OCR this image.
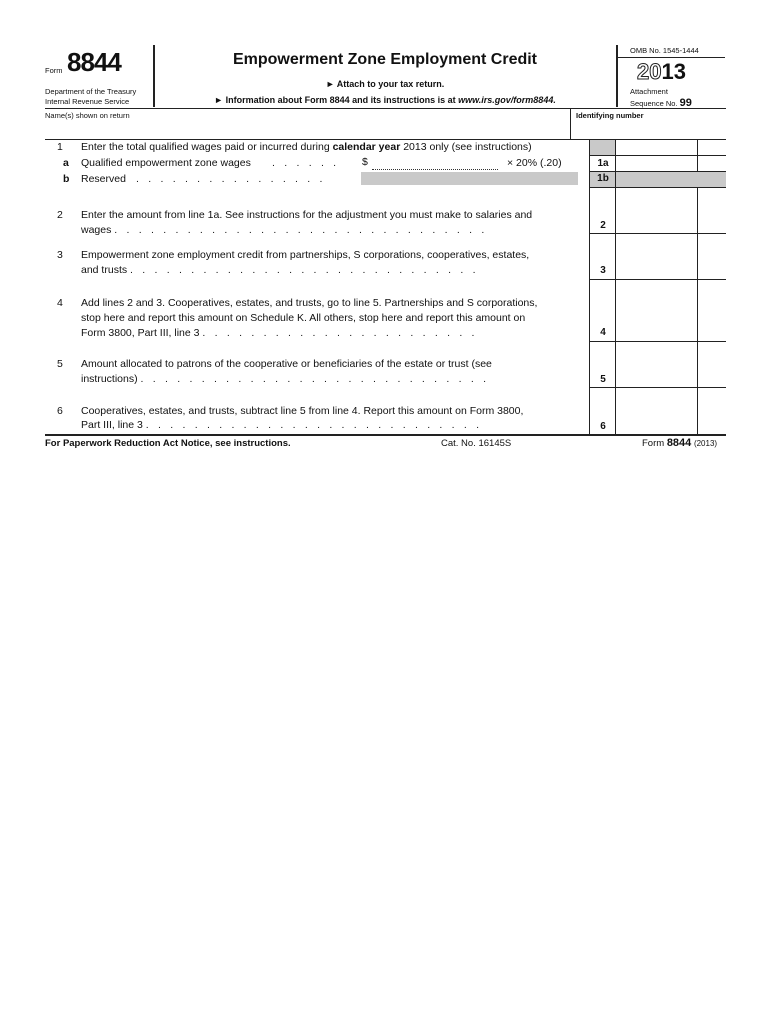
Form 8844
Department of the Treasury
Internal Revenue Service
Empowerment Zone Employment Credit
► Attach to your tax return.
► Information about Form 8844 and its instructions is at www.irs.gov/form8844.
OMB No. 1545-1444
2013
Attachment
Sequence No. 99
Name(s) shown on return	Identifying number
1 Enter the total qualified wages paid or incurred during calendar year 2013 only (see instructions)
a Qualified empowerment zone wages . . . . . . $	× 20% (.20)	1a
b Reserved . . . . . . . . . . . . . . . .	1b
2 Enter the amount from line 1a. See instructions for the adjustment you must make to salaries and
wages . . . . . . . . . . . . . . . . . . . . . . . . . . . . . . .	2
3 Empowerment zone employment credit from partnerships, S corporations, cooperatives, estates,
and trusts . . . . . . . . . . . . . . . . . . . . . . . . . . . . .	3
4 Add lines 2 and 3. Cooperatives, estates, and trusts, go to line 5. Partnerships and S corporations,
stop here and report this amount on Schedule K. All others, stop here and report this amount on
Form 3800, Part III, line 3 . . . . . . . . . . . . . . . . . . . . . . .	4
5 Amount allocated to patrons of the cooperative or beneficiaries of the estate or trust (see
instructions) . . . . . . . . . . . . . . . . . . . . . . . . . . . . .	5
6 Cooperatives, estates, and trusts, subtract line 5 from line 4. Report this amount on Form 3800,
Part III, line 3 . . . . . . . . . . . . . . . . . . . . . . . . . . . .	6
For Paperwork Reduction Act Notice, see instructions.	Cat. No. 16145S	Form 8844 (2013)
